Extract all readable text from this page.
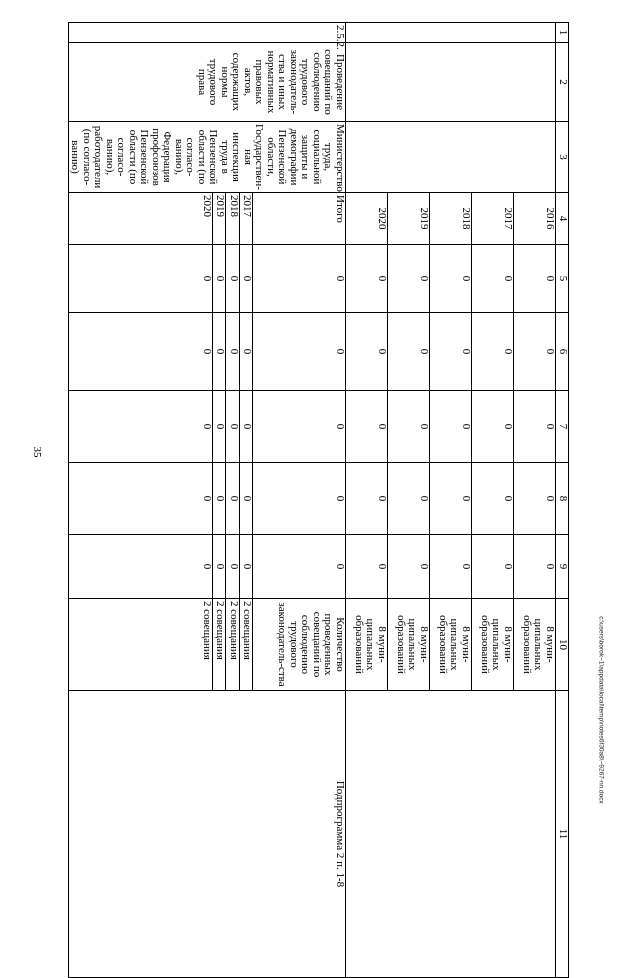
35
c:\users\borok~1\appdata\local\temp\notes6f30a8\~9267-nn.docx
1	2	3	4	5	6	7	8	9	10	11
			2016	0	0	0	0	0	8 муни-ципальных образований	
			2017	0	0	0	0	0	8 муни-ципальных образований	
			2018	0	0	0	0	0	8 муни-ципальных образований	
			2019	0	0	0	0	0	8 муни-ципальных образований	
			2020	0	0	0	0	0	8 муни-ципальных образований	
2.5.2.	Проведение совещаний по соблюдению трудового законодатель-ства и иных нормативных правовых актов, содержащих нормы трудового права	Министерство труда, социальной защиты и демографии Пензенской области, Государствен-ная инспекция труда в Пензенской области (по согласо-ванию), Федерация профсоюзов Пензенской области (по согласо-ванию), работодатели (по согласо-ванию)	Итого	0	0	0	0	0	Количество проведенных совещаний по соблюдению трудового законодатель-ства	Подпрограмма 2 п. 1-8
			2017	0	0	0	0	0	2 совещания	
			2018	0	0	0	0	0	2 совещания	
			2019	0	0	0	0	0	2 совещания	
			2020	0	0	0	0	0	2 совещания	
